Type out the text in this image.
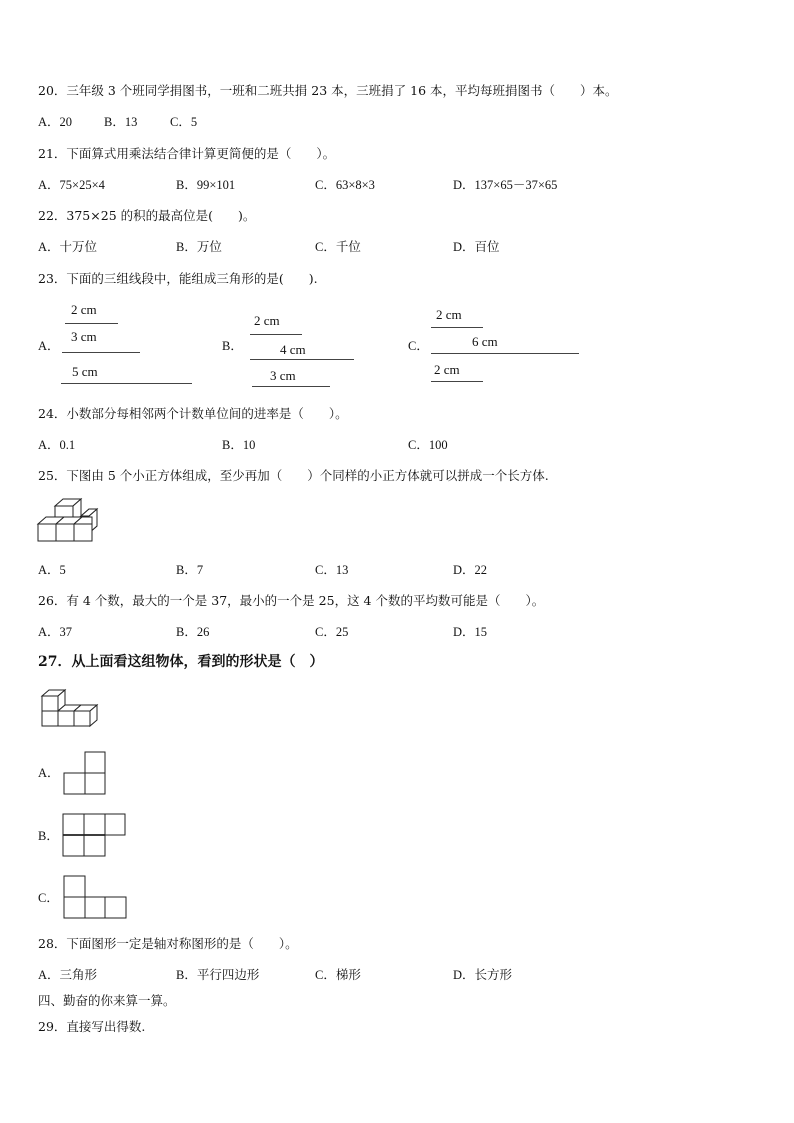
20．三年级 3 个班同学捐图书，一班和二班共捐 23 本，三班捐了 16 本，平均每班捐图书（　　）本。
A．20	B．13	C．5
21．下面算式用乘法结合律计算更简便的是（　　）。
A．75×25×4	B．99×101	C．63×8×3	D．137×65－37×65
22．375×25 的积的最高位是(　　)。
A．十万位	B．万位	C．千位	D．百位
23．下面的三组线段中，能组成三角形的是(　　).
A．
2 cm
3 cm
5 cm
B．
2 cm
4 cm
3 cm
C．
2 cm
6 cm
2 cm
24．小数部分每相邻两个计数单位间的进率是（　　）。
A．0.1	B．10	C．100
25．下图由 5 个小正方体组成，至少再加（　　）个同样的小正方体就可以拼成一个长方体.
A．5	B．7	C．13	D．22
26．有 4 个数，最大的一个是 37，最小的一个是 25，这 4 个数的平均数可能是（　　）。
A．37	B．26	C．25	D．15
27．从上面看这组物体，看到的形状是（　）
A．
B．
C．
28．下面图形一定是轴对称图形的是（　　）。
A．三角形	B．平行四边形	C．梯形	D．长方形
四、勤奋的你来算一算。
29．直接写出得数.
